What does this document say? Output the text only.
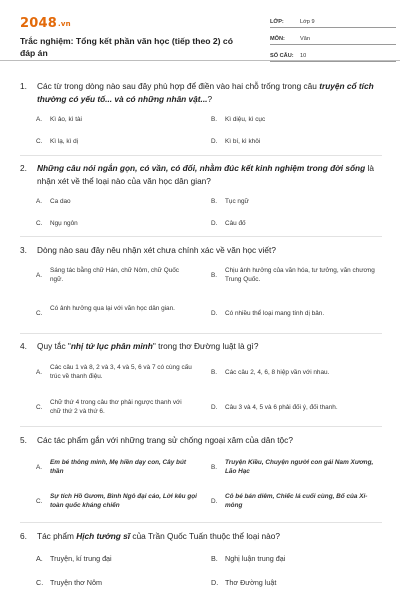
2048.vn
Trắc nghiệm: Tổng kết phần văn học (tiếp theo 2) có đáp án
LỚP:	Lớp 9
MÔN:	Văn
SỐ CÂU:	10
1.	Các từ trong dòng nào sau đây phù hợp để điền vào hai chỗ trống trong câu truyện cổ tích thường có yếu tố... và có những nhân vật...?
A.	Kì ảo, kì tài	B.	Kì diệu, kì cục
C.	Kì lạ, kì dị	D.	Kì bí, kì khôi
2.	Những câu nói ngắn gọn, có vần, có đối, nhằm đúc kết kinh nghiệm trong đời sống là nhận xét về thể loại nào của văn học dân gian?
A.	Ca dao	B.	Tục ngữ
C.	Ngụ ngôn	D.	Câu đố
3.	Dòng nào sau đây nêu nhận xét chưa chính xác về văn học viết?
A.
Sáng tác bằng chữ Hán, chữ Nôm, chữ Quốc ngữ.
B.
Chịu ảnh hưởng của văn hóa, tư tưởng, văn chương Trung Quốc.
C.
Có ảnh hưởng qua lại với văn học dân gian.
D.	Có nhiều thể loại mang tính dị bản.
4.	Quy tắc "nhị tứ lục phân minh" trong thơ Đường luật là gì?
A.
Các câu 1 và 8, 2 và 3, 4 và 5, 6 và 7 có cùng cấu trúc về thanh điệu.
B.	Các câu 2, 4, 6, 8 hiệp vần với nhau.
C.
Chữ thứ 4 trong câu thơ phải ngược thanh với chữ thứ 2 và thứ 6.
D.	Câu 3 và 4, 5 và 6 phải đối ý, đối thanh.
5.	Các tác phẩm gắn với những trang sử chống ngoại xâm của dân tộc?
A.
Em bé thông minh, Mẹ hiền dạy con, Cây bút thần
B.
Truyện Kiều, Chuyện người con gái Nam Xương, Lão Hạc
C.
Sự tích Hồ Gươm, Bình Ngô đại cáo, Lời kêu gọi toàn quốc kháng chiến
D.
Cô bé bán diêm, Chiếc lá cuối cùng, Bố của Xi- mông
6.	Tác phẩm Hịch tướng sĩ của Trần Quốc Tuấn thuộc thể loại nào?
A.	Truyện, kí trung đại	B.	Nghị luận trung đại
C. Truyện thơ Nôm	D. Thơ Đường luật
